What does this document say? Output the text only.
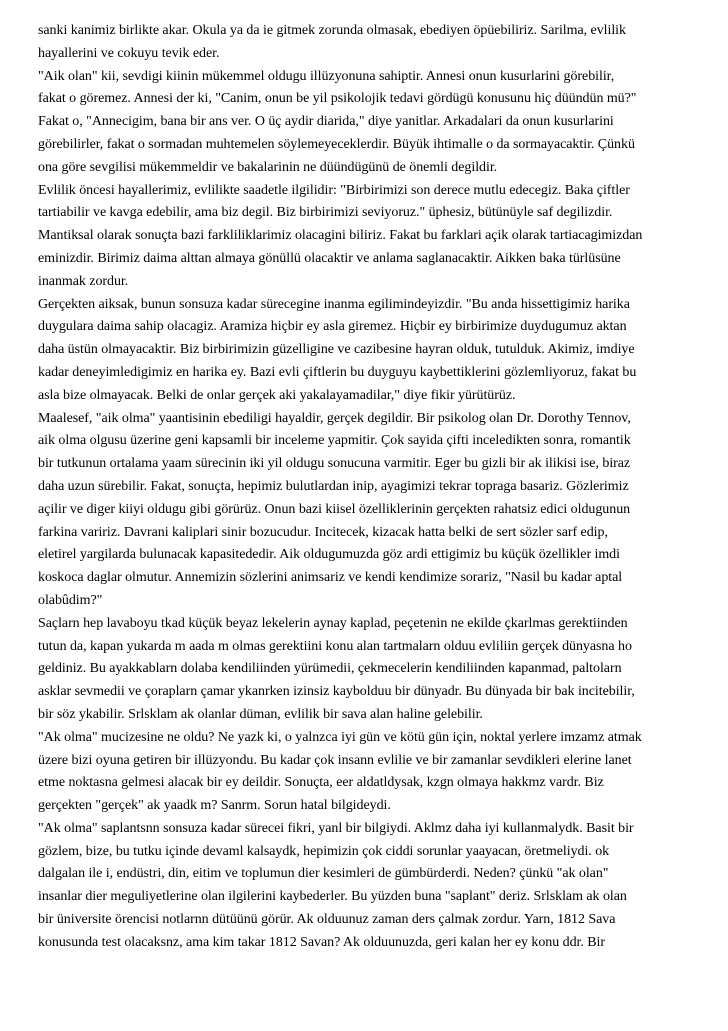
sanki kanimiz birlikte akar. Okula ya da ie gitmek zorunda olmasak, ebediyen öpüebiliriz. Sarilma, evlilik
hayallerini ve cokuyu tevik eder.
"Aik olan" kii, sevdigi kiinin mükemmel oldugu illüzyonuna sahiptir. Annesi onun kusurlarini görebilir,
fakat o göremez. Annesi der ki, "Canim, onun be yil psikolojik tedavi gördügü konusunu hiç düündün mü?"
Fakat o, "Annecigim, bana bir ans ver. O üç aydir diarida," diye yanitlar. Arkadalari da onun kusurlarini
görebilirler, fakat o sormadan muhtemelen söylemeyeceklerdir. Büyük ihtimalle o da sormayacaktir. Çünkü
ona göre sevgilisi mükemmeldir ve bakalarinin ne düündügünü de önemli degildir.
Evlilik öncesi hayallerimiz, evlilikte saadetle ilgilidir: "Birbirimizi son derece mutlu edecegiz. Baka çiftler
tartiabilir ve kavga edebilir, ama biz degil. Biz birbirimizi seviyoruz." üphesiz, bütünüyle saf degilizdir.
Mantiksal olarak sonuçta bazi farkliliklarimiz olacagini biliriz. Fakat bu farklari açik olarak tartiacagimizdan
eminizdir. Birimiz daima alttan almaya gönüllü olacaktir ve anlama saglanacaktir. Aikken baka türlüsüne
inanmak zordur.
Gerçekten aiksak, bunun sonsuza kadar sürecegine inanma egilimindeyizdir. "Bu anda hissettigimiz harika
duygulara daima sahip olacagiz. Aramiza hiçbir ey asla giremez. Hiçbir ey birbirimize duydugumuz aktan
daha üstün olmayacaktir. Biz birbirimizin güzelligine ve cazibesine hayran olduk, tutulduk. Akimiz, imdiye
kadar deneyimledigimiz en harika ey. Bazi evli çiftlerin bu duyguyu kaybettiklerini gözlemliyoruz, fakat bu
asla bize olmayacak. Belki de onlar gerçek aki yakalayamadilar," diye fikir yürütürüz.
Maalesef, "aik olma" yaantisinin ebediligi hayaldir, gerçek degildir. Bir psikolog olan Dr. Dorothy Tennov,
aik olma olgusu üzerine geni kapsamli bir inceleme yapmitir. Çok sayida çifti inceledikten sonra, romantik
bir tutkunun ortalama yaam sürecinin iki yil oldugu sonucuna varmitir. Eger bu gizli bir ak ilikisi ise, biraz
daha uzun sürebilir. Fakat, sonuçta, hepimiz bulutlardan inip, ayagimizi tekrar topraga basariz. Gözlerimiz
açilir ve diger kiiyi oldugu gibi görürüz. Onun bazi kiisel özelliklerinin gerçekten rahatsiz edici oldugunun
farkina variriz. Davrani kaliplari sinir bozucudur. Incitecek, kizacak hatta belki de sert sözler sarf edip,
eletirel yargilarda bulunacak kapasitededir. Aik oldugumuzda göz ardi ettigimiz bu küçük özellikler imdi
koskoca daglar olmutur. Annemizin sözlerini animsariz ve kendi kendimize sorariz, "Nasil bu kadar aptal
olabûdim?"
Saçlarn hep lavaboyu tkad küçük beyaz lekelerin aynay kaplad, peçetenin ne ekilde çkarlmas gerektiinden
tutun da, kapan yukarda m aada m olmas gerektiini konu alan tartmalarn olduu evliliin gerçek dünyasna ho
geldiniz. Bu ayakkablarn dolaba kendiliinden yürümedii, çekmecelerin kendiliinden kapanmad, paltolarn
asklar sevmedii ve çoraplarn çamar ykanrken izinsiz kaybolduu bir dünyadr. Bu dünyada bir bak incitebilir,
bir söz ykabilir. Srlsklam ak olanlar düman, evlilik bir sava alan haline gelebilir.
"Ak olma" mucizesine ne oldu? Ne yazk ki, o yalnzca iyi gün ve kötü gün için, noktal yerlere imzamz atmak
üzere bizi oyuna getiren bir illüzyondu. Bu kadar çok insann evlilie ve bir zamanlar sevdikleri elerine lanet
etme noktasna gelmesi alacak bir ey deildir. Sonuçta, eer aldatldysak, kzgn olmaya hakkmz vardr. Biz
gerçekten "gerçek" ak yaadk m? Sanrm. Sorun hatal bilgideydi.
"Ak olma" saplantsnn sonsuza kadar sürecei fikri, yanl bir bilgiydi. Aklmz daha iyi kullanmalydk. Basit bir
gözlem, bize, bu tutku içinde devaml kalsaydk, hepimizin çok ciddi sorunlar yaayacan, öretmeliydi. ok
dalgalan ile i, endüstri, din, eitim ve toplumun dier kesimleri de gümbürderdi. Neden? çünkü "ak olan"
insanlar dier meguliyetlerine olan ilgilerini kaybederler. Bu yüzden buna "saplant" deriz. Srlsklam ak olan
bir üniversite örencisi notlarnn dütüünü görür. Ak olduunuz zaman ders çalmak zordur. Yarn, 1812 Sava
konusunda test olacaksnz, ama kim takar 1812 Savan? Ak olduunuzda, geri kalan her ey konu ddr. Bir
